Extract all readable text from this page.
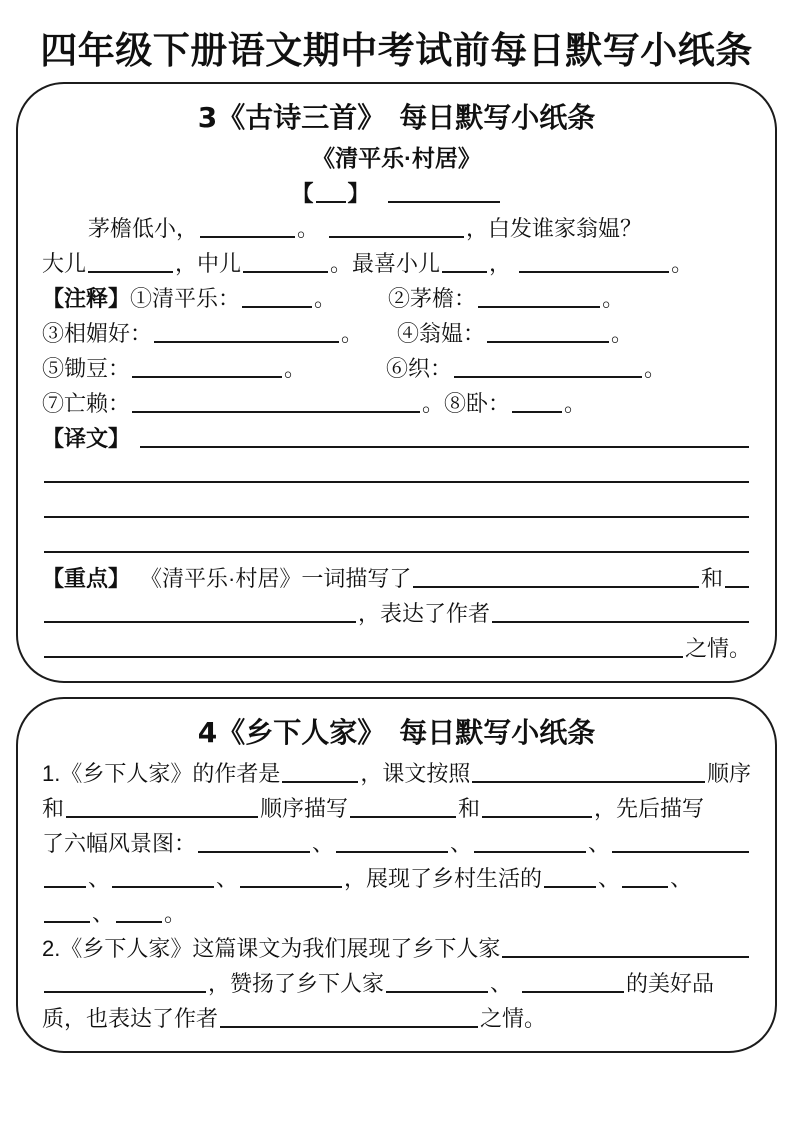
四年级下册语文期中考试前每日默写小纸条
3《古诗三首》　每日默写小纸条
《清平乐·村居》
【 】
茅檐低小，	。	，白发谁家翁媪？
大儿	，中儿	。最喜小儿 ，	。
【注释】 ①清平乐：	。 ②茅檐：	。
③相媚好：	。 ④翁媪：	。
⑤锄豆：	。	⑥织：	。
⑦亡赖：	。⑧卧： 。
【译文】
【重点】 《清平乐·村居》一词描写了	和
，表达了作者
之情。
4《乡下人家》　每日默写小纸条
1.《乡下人家》的作者是	，课文按照	顺序
和	顺序描写	和	，先后描写
了六幅风景图：	、	、	、
、	、	，展现了乡村生活的	、 、
、 。
2.《乡下人家》这篇课文为我们展现了乡下人家
，赞扬了乡下人家	、	的美好品
质，也表达了作者	之情。
